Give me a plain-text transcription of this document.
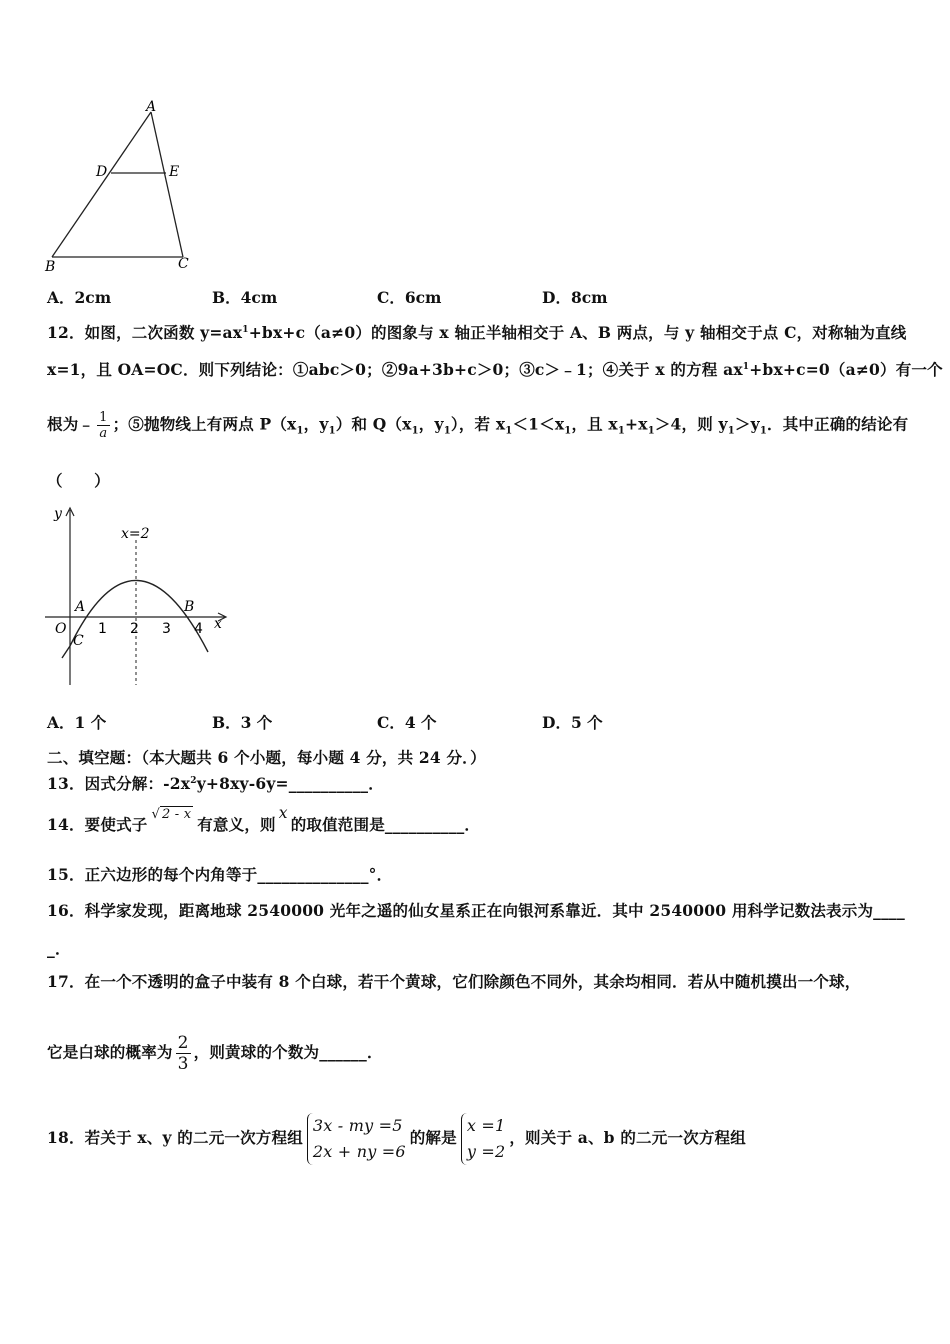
A
D	E
B	C
A．2cm	B．4cm	C．6cm	D．8cm
12．如图，二次函数 $y=ax^1+bx+c(a\ne 0)$的图象与 x 轴正半轴相交于 A、B 两点，与 y 轴相交于点 C，对称轴为直线
x=1，且 OA=OC．则下列结论：①abc＞0；②9a+3b+c＞0；③c＞﹣1；④关于 x 的方程 $ax^1+bx+c=0(a\ne 0)$有一个
根为﹣ $\frac{1}{a}$ ；⑤抛物线上有两点 $P(x_1$，$y_1$）和 $Q(x_1$，$y_1$），若 $x_1<1<x_1$，且 $x_1+x_1>4$，则 $y_1>y_1$．其中正确的结论有
（　　）
y
x
x=2
O
A	B
C
1 2 3 4
A．1 个	B．3 个	C．4 个	D．5 个
二、填空题：（本大题共 6 个小题，每小题 4 分，共 24 分．）
13．因式分解：$-2x^2y+8xy-6y=\_\_\_\_\_\_\_\_\_\_$．
14．要使式子√ 2 - x有意义，则x的取值范围是__________．
15．正六边形的每个内角等于______________°．
16．科学家发现，距离地球 2540000 光年之遥的仙女星系正在向银河系靠近．其中 2540000 用科学记数法表示为____
_．
17．在一个不透明的盒子中装有 8 个白球，若干个黄球，它们除颜色不同外，其余均相同．若从中随机摸出一个球，
它是白球的概率为 $\frac{2}{3}$ ，则黄球的个数为______．
18．若关于 x、y 的二元一次方程组
3x - my =5
2x + ny =6
的解是
x =1
y =2
，则关于 a、b 的二元一次方程组
